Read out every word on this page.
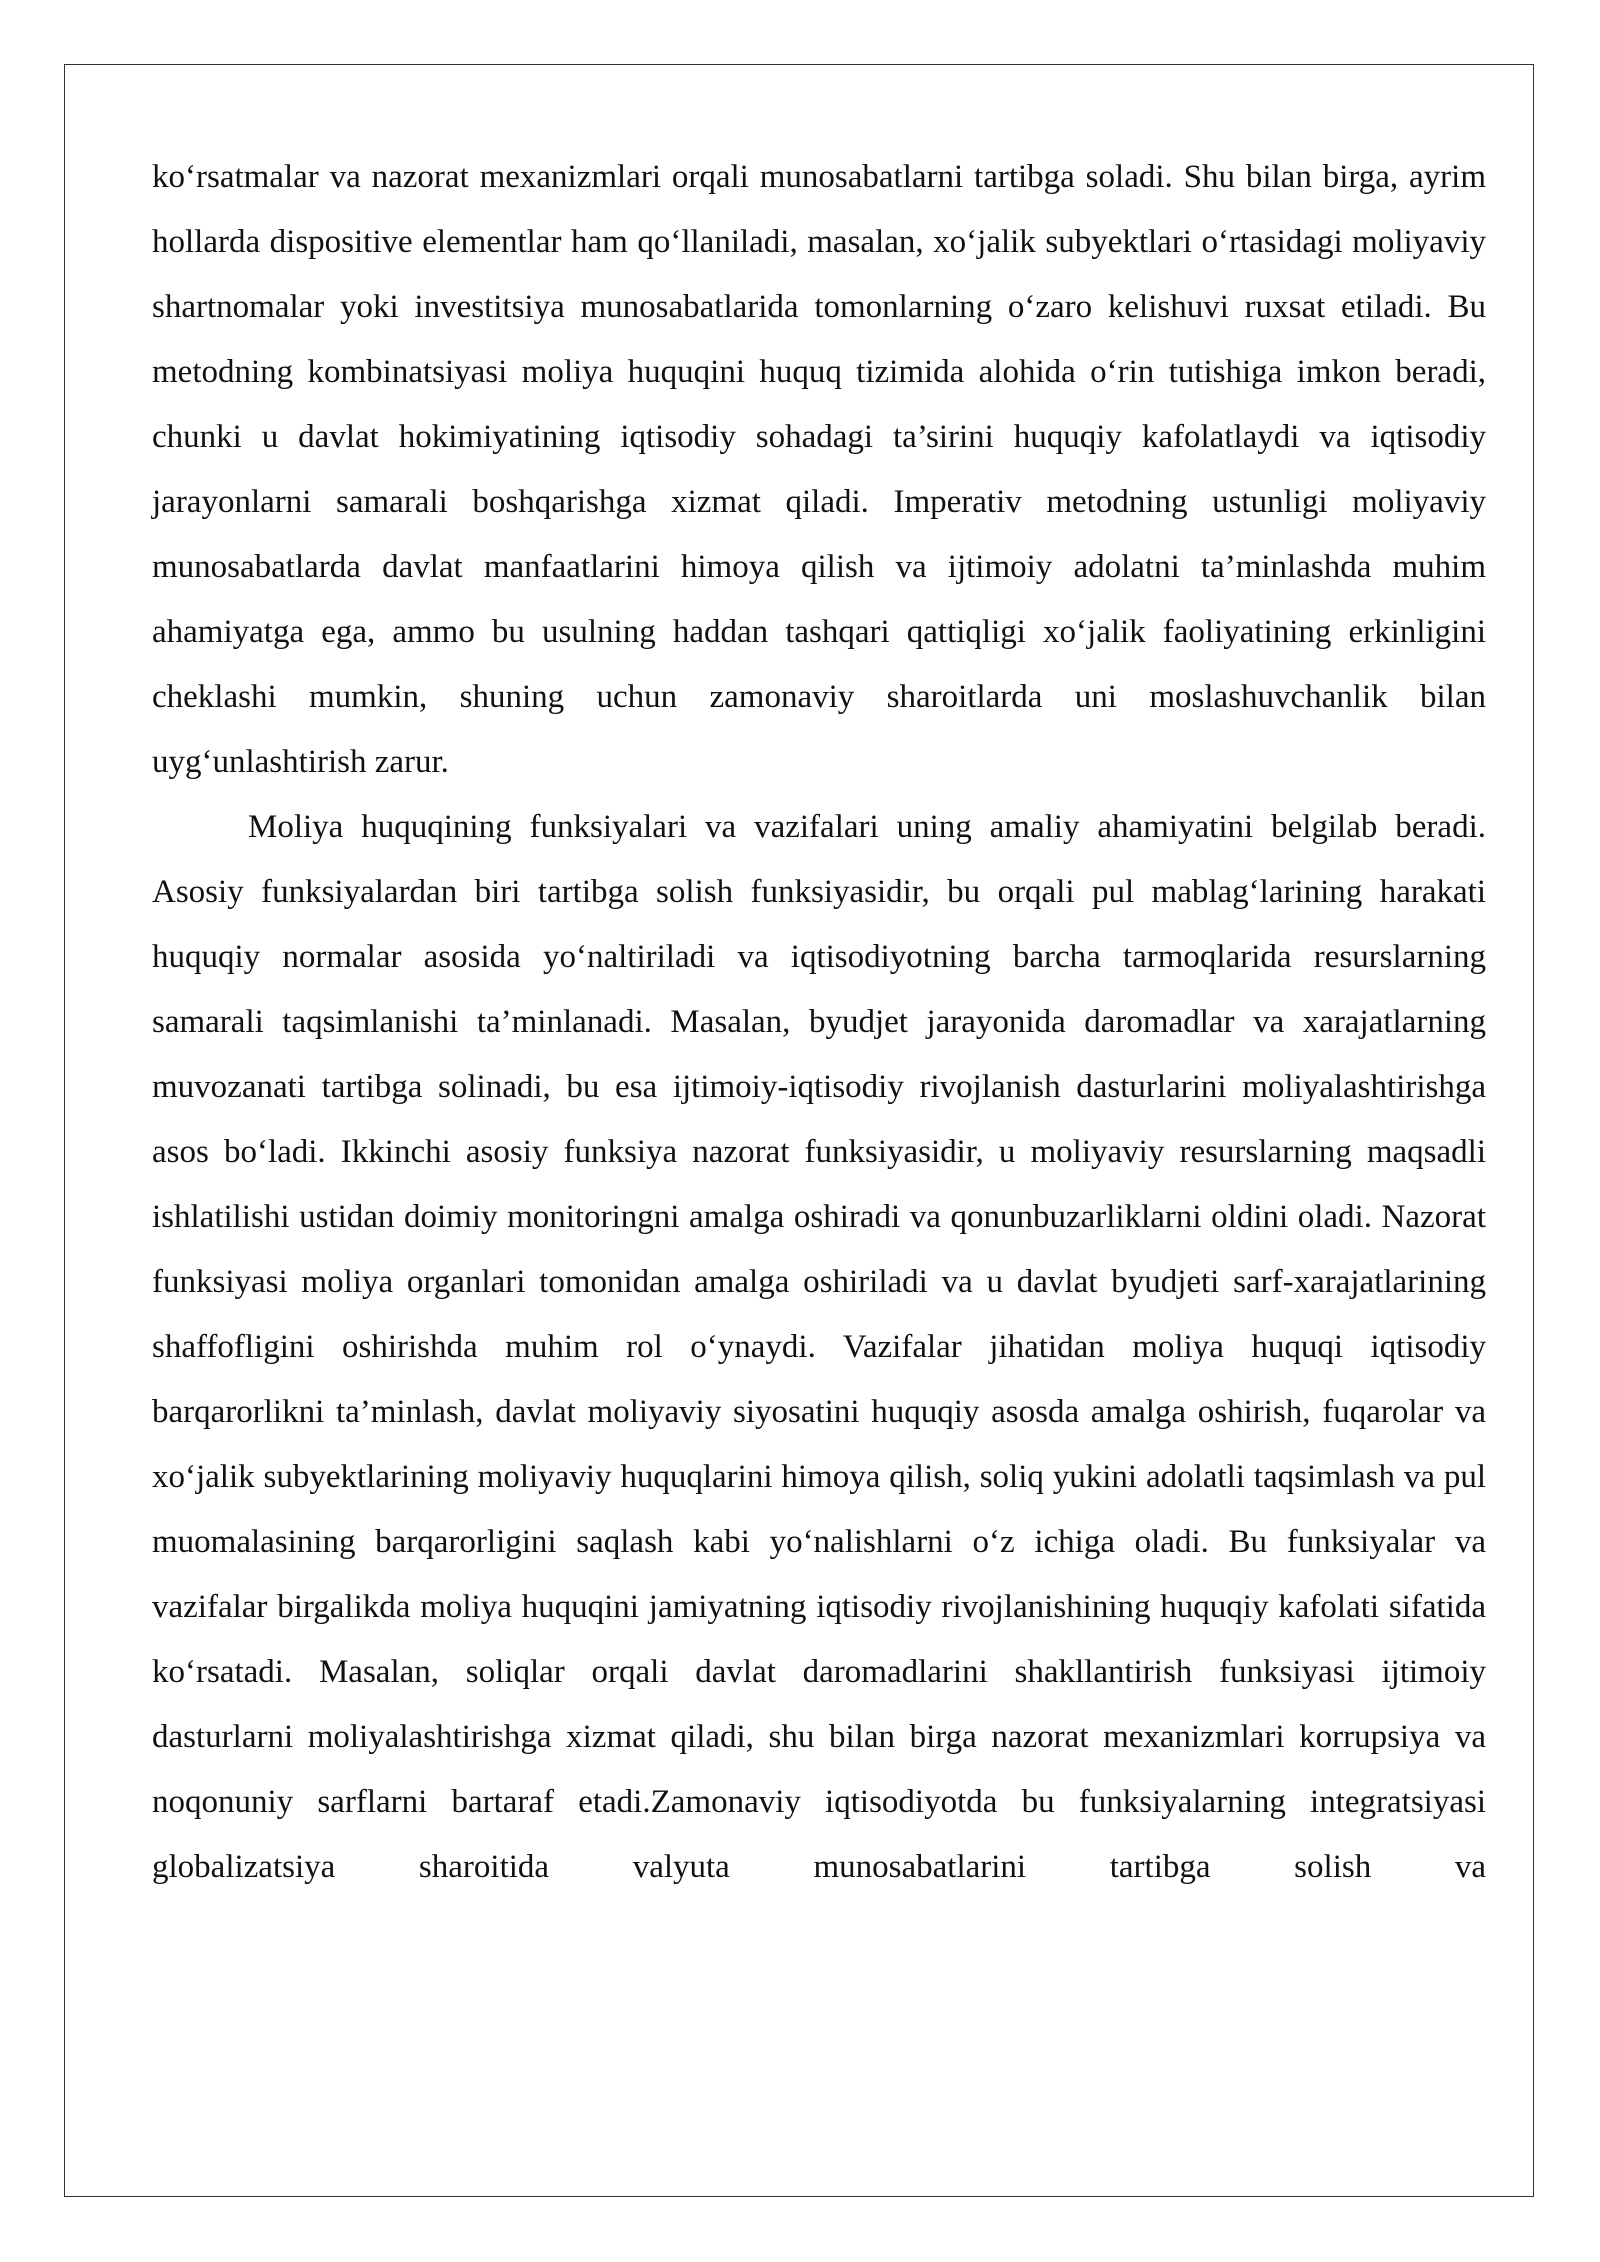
ko‘rsatmalar va nazorat mexanizmlari orqali munosabatlarni tartibga soladi. Shu bilan birga, ayrim hollarda dispositive elementlar ham qo‘llaniladi, masalan, xo‘jalik subyektlari o‘rtasidagi moliyaviy shartnomalar yoki investitsiya munosabatlarida tomonlarning o‘zaro kelishuvi ruxsat etiladi. Bu metodning kombinatsiyasi moliya huquqini huquq tizimida alohida o‘rin tutishiga imkon beradi, chunki u davlat hokimiyatining iqtisodiy sohadagi ta’sirini huquqiy kafolatlaydi va iqtisodiy jarayonlarni samarali boshqarishga xizmat qiladi. Imperativ metodning ustunligi moliyaviy munosabatlarda davlat manfaatlarini himoya qilish va ijtimoiy adolatni ta’minlashda muhim ahamiyatga ega, ammo bu usulning haddan tashqari qattiqligi xo‘jalik faoliyatining erkinligini cheklashi mumkin, shuning uchun zamonaviy sharoitlarda uni moslashuvchanlik bilan uyg‘unlashtirish zarur.

Moliya huquqining funksiyalari va vazifalari uning amaliy ahamiyatini belgilab beradi. Asosiy funksiyalardan biri tartibga solish funksiyasidir, bu orqali pul mablag‘larining harakati huquqiy normalar asosida yo‘naltiriladi va iqtisodiyotning barcha tarmoqlarida resurslarning samarali taqsimlanishi ta’minlanadi. Masalan, byudjet jarayonida daromadlar va xarajatlarning muvozanati tartibga solinadi, bu esa ijtimoiy-iqtisodiy rivojlanish dasturlarini moliyalashtirishga asos bo‘ladi. Ikkinchi asosiy funksiya nazorat funksiyasidir, u moliyaviy resurslarning maqsadli ishlatilishi ustidan doimiy monitoringni amalga oshiradi va qonunbuzarliklarni oldini oladi. Nazorat funksiyasi moliya organlari tomonidan amalga oshiriladi va u davlat byudjeti sarf-xarajatlarining shaffofligini oshirishda muhim rol o‘ynaydi. Vazifalar jihatidan moliya huquqi iqtisodiy barqarorlikni ta’minlash, davlat moliyaviy siyosatini huquqiy asosda amalga oshirish, fuqarolar va xo‘jalik subyektlarining moliyaviy huquqlarini himoya qilish, soliq yukini adolatli taqsimlash va pul muomalasining barqarorligini saqlash kabi yo‘nalishlarni o‘z ichiga oladi. Bu funksiyalar va vazifalar birgalikda moliya huquqini jamiyatning iqtisodiy rivojlanishining huquqiy kafolati sifatida ko‘rsatadi. Masalan, soliqlar orqali davlat daromadlarini shakllantirish funksiyasi ijtimoiy dasturlarni moliyalashtirishga xizmat qiladi, shu bilan birga nazorat mexanizmlari korrupsiya va noqonuniy sarflarni bartaraf etadi.Zamonaviy iqtisodiyotda bu funksiyalarning integratsiyasi globalizatsiya sharoitida valyuta munosabatlarini tartibga solish va
